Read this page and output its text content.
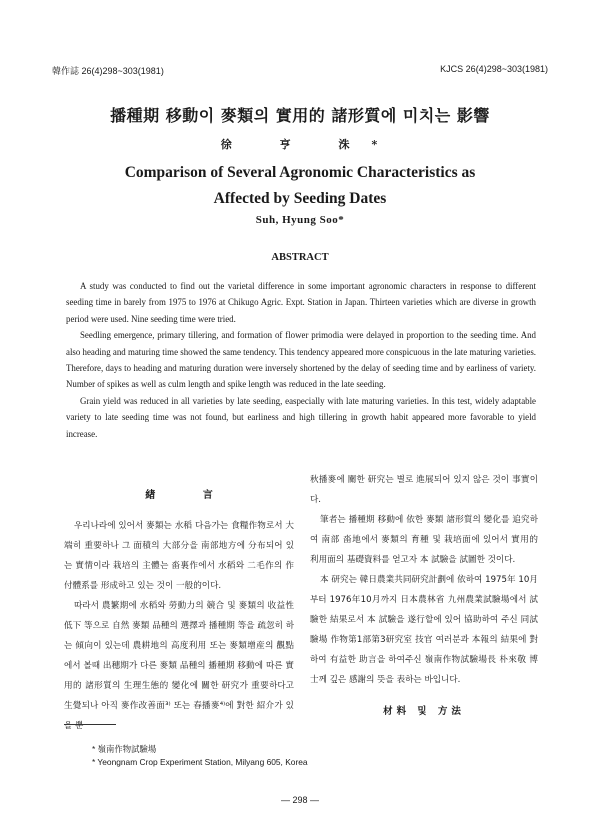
韓作誌 26(4)298~303(1981)	KJCS 26(4)298~303(1981)
播種期 移動이 麥類의 實用的 諸形質에 미치는 影響
徐 亨 洙*
Comparison of Several Agronomic Characteristics as
Affected by Seeding Dates
Suh, Hyung Soo*
ABSTRACT

A study was conducted to find out the varietal difference in some important agronomic characters in response to different seeding time in barely from 1975 to 1976 at Chikugo Agric. Expt. Station in Japan. Thirteen varieties which are diverse in growth period were used. Nine seeding time were tried.

Seedling emergence, primary tillering, and formation of flower primodia were delayed in proportion to the seeding time. And also heading and maturing time showed the same tendency. This tendency appeared more conspicuous in the late maturing varieties. Therefore, days to heading and maturing duration were inversely shortened by the delay of seeding time and by earliness of variety. Number of spikes as well as culm length and spike length was reduced in the late seeding.

Grain yield was reduced in all varieties by late seeding, easpecially with late maturing varieties. In this test, widely adaptable variety to late seeding time was not found, but earliness and high tillering in growth habit appeared more favorable to yield increase.

緖 言

우리나라에 있어서 麥類는 水稻 다음가는 食糧作物로서 大端히 重要하나 그 面積의 大部分을 南部地方에 分布되어 있는 實情이라 栽培의 主體는 畓裏作에서 水稻와 二毛作의 作付體系를 形成하고 있는 것이 一般的이다.

따라서 農繁期에 水稻와 勞動力의 競合 및 麥類의 收益性 低下 等으로 自然 麥類 品種의 選擇과 播種期 等을 疏忽히 하는 傾向이 있는데 農耕地의 高度利用 또는 麥類增産의 觀點에서 볼때 出穗期가 다른 麥類 品種의 播種期 移動에 따른 實用的 諸形質의 生理生態的 變化에 關한 研究가 重要하다고 生覺되나 아직 麥作改善面³⁾ 또는 春播麥⁴⁾에 對한 紹介가 있을 뿐

秋播麥에 關한 研究는 별로 進展되어 있지 않은 것이 事實이다.

筆者는 播種期 移動에 依한 麥類 諸形質의 變化를 追究하여 南部 畓地에서 麥類의 育種 및 栽培面에 있어서 實用的 利用面의 基礎資料를 얻고자 本 試驗을 試圖한 것이다.

本 研究는 韓日農業共同研究計劃에 依하여 1975年 10月부터 1976年10月까지 日本農林省 九州農業試驗場에서 試驗한 結果로서 本 試驗을 遂行할에 있어 協助하여 주신 同試驗場 作物第1部第3研究室 技官 여러분과 本報의 結果에 對하여 有益한 助言을 하여주신 嶺南作物試驗場長 朴來敬 博士께 깊은 感謝의 뜻을 表하는 바입니다.

材料 및 方法
* 嶺南作物試驗場
* Yeongnam Crop Experiment Station, Milyang 605, Korea
— 298 —
